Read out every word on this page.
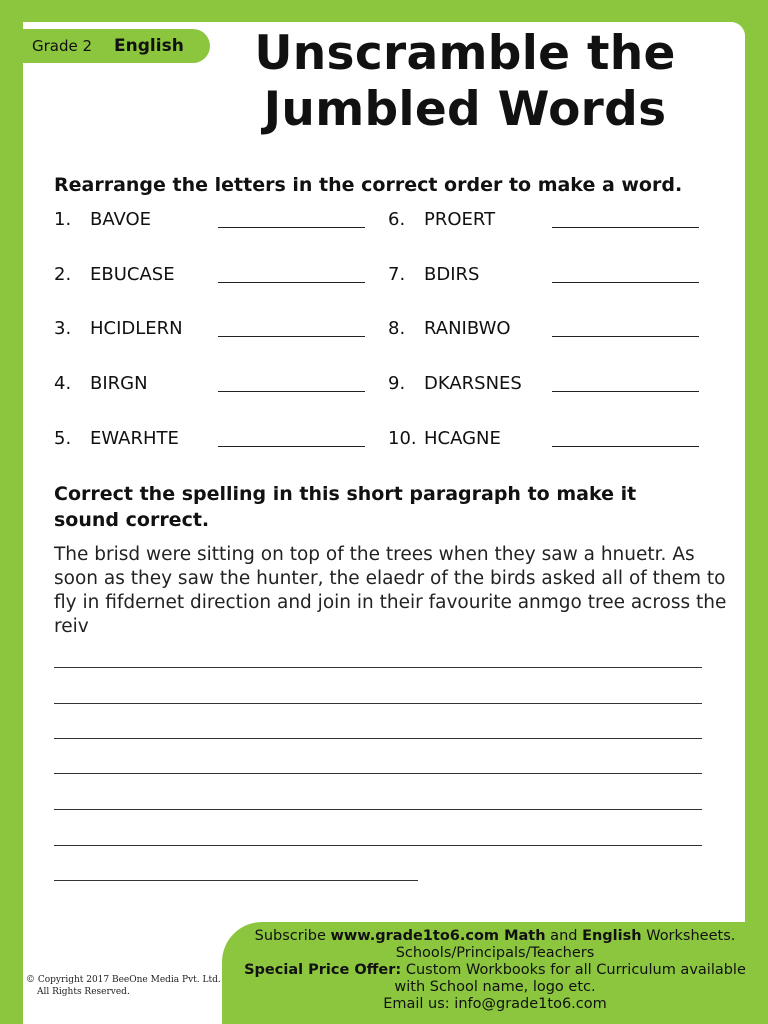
Grade 2 English	Unscramble the
Jumbled Words
Rearrange the letters in the correct order to make a word.
1. BAVOE
2. EBUCASE
3. HCIDLERN
4. BIRGN
5. EWARHTE
6. PROERT
7. BDIRS
8. RANIBWO
9. DKARSNES
10. HCAGNE
Correct the spelling in this short paragraph to make it
sound correct.
The brisd were sitting on top of the trees when they saw a hnuetr. As soon as they saw the hunter, the elaedr of the birds asked all of them to fly in fifdernet direction and join in their favourite anmgo tree across the reiv
Subscribe www.grade1to6.com Math and English Worksheets.
Schools/Principals/Teachers
Special Price Offer: Custom Workbooks for all Curriculum available
with School name, logo etc.
Email us: info@grade1to6.com
© Copyright 2017 BeeOne Media Pvt. Ltd.
All Rights Reserved.
